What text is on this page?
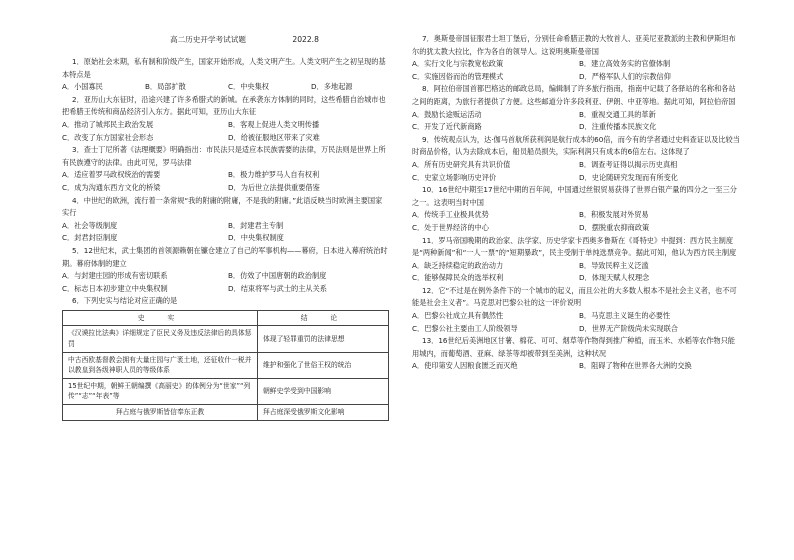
高二历史开学考试试题	2022.8
1．原始社会末期，私有制和阶级产生，国家开始形成，人类文明产生。人类文明产生之初呈现的基本特点是
A．小国寡民	B．局部扩散	C．中央集权	D．多地起源
2．亚历山大东征时，沿途兴建了许多希腊式的新城。在承袭东方体制的同时，这些希腊自治城市也把希腊王传统和商品经济引入东方。据此可知，亚历山大东征
A．推动了城邦民主政治发展	B．客观上促进人类文明传播
C．改变了东方国家社会形态	D．给被征服地区带来了灾难
3．查士丁尼所著《法理概要》明确指出：市民法只是适应本民族需要的法律，万民法则是世界上所有民族遵守的法律。由此可见，罗马法律
A．适应着罗马政权统治的需要	B．极力维护罗马人自有权利
C．成为沟通东西方文化的桥梁	D．为后世立法提供重要借鉴
4．中世纪的欧洲，流行着一条常规“我的附庸的附庸，不是我的附庸。”此语反映当时欧洲主要国家实行
A．社会等级制度	B．封建君主专制
C．封君封臣制度	D．中央集权制度
5．12世纪末，武士集团的首领源赖朝在镰仓建立了自己的军事机构——幕府，日本进入幕府统治时期。幕府体制的建立
A．与封建庄园的形成有密切联系	B．仿效了中国唐朝的政治制度
C．标志日本初步建立中央集权制	D．结束将军与武士的主从关系
6．下列史实与结论对应正确的是
史　实	结　论
《汉谟拉比法典》详细规定了臣民义务及违反法律后的具体惩罚	体现了轻罪重罚的法律思想
中古西欧基督教会拥有大量庄园与广袤土地，还征收什一税并以教皇到各级神职人员的等级体系	维护和强化了世俗王权的统治
15世纪中期，朝鲜王朝编撰《高丽史》的体例分为“世家”“列传”“志”“年表”等	朝鲜史学受到中国影响
拜占庭与俄罗斯皆信奉东正教	拜占庭深受俄罗斯文化影响
7．奥斯曼帝国征服君士坦丁堡后，分别任命希腊正教的大牧首人、亚美尼亚教派的主教和伊斯坦布尔的犹太教大拉比，作为各自的领导人。这说明奥斯曼帝国
A．实行文化与宗教宽松政策	B．建立高效务实的官僚体制
C．实施因俗而治的管理模式	D．严格军队人们的宗教信仰
8．阿拉伯帝国首都巴格达的邮政总局，编辑制了许多旅行指南，指南中记载了各驿站的名称和各站之间的距离，为旅行者提供了方便。这些邮道分许多段利亚、伊朗、中亚等地。据此可知，阿拉伯帝国
A．鼓励长途贩运活动	B．重视交通工具的革新
C．开发了近代新商路	D．注重传播本民族文化
9．传统观点认为，达·伽马首航所获利润是航行成本的60倍，而今有的学者通过史料查证以及比较当时商品价格，认为去除成本后，船员船员损失，实际利润只有成本的6倍左右。这体现了
A．所有历史研究具有共识价值	B．调查考证得以揭示历史真相
C．史家立场影响历史评价	D．史论随研究发现而有所变化
10．16世纪中期至17世纪中期的百年间，中国通过丝银贸易获得了世界白银产量的四分之一至三分之一。这表明当时中国
A．传统手工业极具优势	B．积极发展对外贸易
C．处于世界经济的中心	D．摆脱重农抑商政策
11．罗马帝国晚期的政治家、法学家、历史学家卡西奥多鲁斯在《哥特史》中提到：西方民主制度是“两种新闻”和“一人一票”的“短期暴政”，民主受制于单纯选票竞争。据此可知，他认为西方民主制度
A．缺乏持续稳定的政治动力	B．导致民粹主义泛滥
C．能够保障民众的选举权利	D．体现天赋人权理念
12．它“不过是在例外条件下的一个城市的起义，而且公社的大多数人根本不是社会主义者，也不可能是社会主义者”。马克思对巴黎公社的这一评价说明
A．巴黎公社成立具有偶然性	B．马克思主义诞生的必要性
C．巴黎公社主要由工人阶级领导	D．世界无产阶级尚未实现联合
13．16世纪后美洲地区甘薯、棉花、可可、烟草等作物得到推广种植，而玉米、水稻等农作物只能用城内，而葡萄酒、亚麻、绿茶等却被带到至美洲，这种状况
A．使印第安人因粮食匮乏而灭绝	B．阻碍了物种在世界各大洲的交换
